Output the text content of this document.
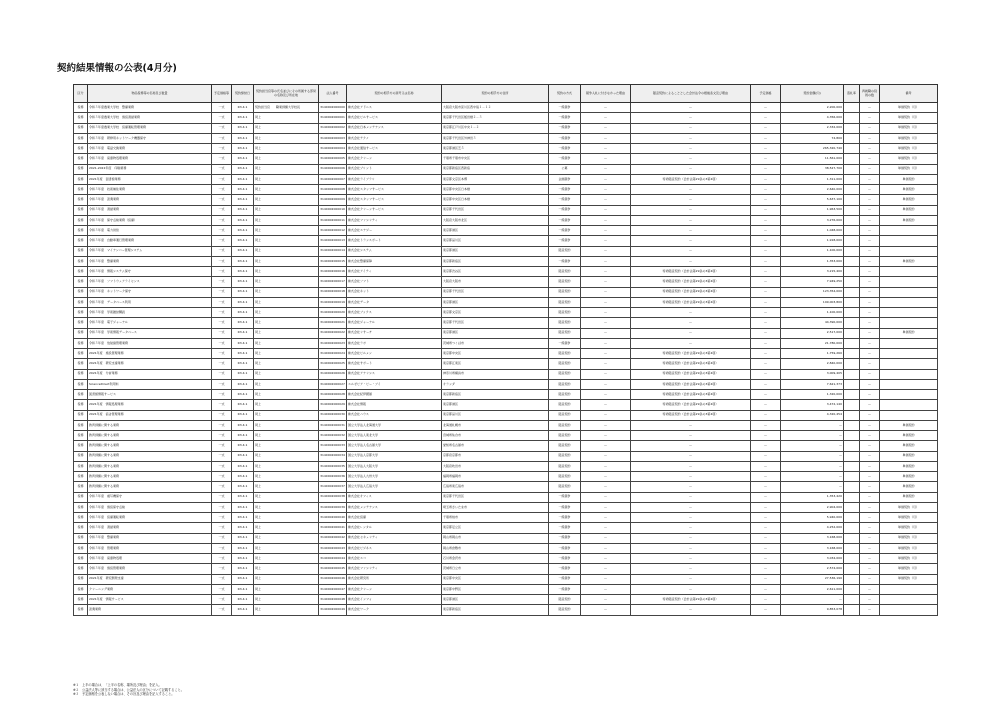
契約結果情報の公表(4月分)
区分	物品役務等の名称及び数量	予定価格等	契約締結日	契約担当官等の氏名並びにその所属する部局の名称及び所在地	法人番号	契約の相手方の商号又は名称	契約の相手方の住所	契約の方式	競争入札に付さなかった理由	随意契約によることとした会計法令の根拠条文及び理由	予定価格	契約金額(円)	落札率	再就職の役員の数	備考
役務	令和３年度農業大学校　警備業務	一式	R3.4.1	契約担当官　　職業訓練大学校長	3140002000000	株式会社アドニス	大阪府大阪市淀川区西中島１－１２	一般競争	—	—	—	2,200,000		—	単価契約（月）
役務	令和３年度農業大学校　施設清掃業務	一式	R3.4.1	同上	3140002000001	株式会社ビルサービス	東京都千代田区飯田橋２－３	一般競争	—	—	—	4,356,000		—	単価契約（月）
役務	令和３年度農業大学校　設備運転管理業務	一式	R3.4.1	同上	3140002000002	株式会社日本メンテナンス	東京都江戸川区中央１－２	一般競争	—	—	—	2,332,000		—	単価契約（月）
役務	令和３年度　研修用ネットワーク機器保守	一式	R3.4.1	同上	3140002000003	株式会社テクノ	東京都千代田区外神田３	一般競争	—	—	—	74,800		—	単価契約（月）
役務	令和３年度　電話交換業務	一式	R3.4.1	同上	3140002000004	株式会社通信サービス	東京都港区芝５	一般競争	—	—	—	265,320,740		—	単価契約（月）
役務	令和３年度　廃棄物処理業務	一式	R3.4.1	同上	3140002000005	株式会社クリーン	千葉県千葉市中央区	一般競争	—	—	—	11,561,000		—	単価契約（月）
役務	2021-2022年度　印刷業務	一式	R3.4.1	同上	3140002000006	株式会社プリント	東京都新宿区西新宿	公募	—	—	—	38,527,700		—	単価契約（月）
役務	2021年度　図書館業務	一式	R3.4.1	同上	3140002000007	株式会社ライブラリ	東京都文京区本郷	企画競争	—	特命随意契約（会計法第29条の3第4項）	—	1,311,000		—	単価契約
役務	令和３年度　技術補佐業務	一式	R3.4.1	同上	3140002000008	株式会社スタッフサービス	東京都中央区日本橋	一般競争	—	—	—	2,640,000		—	単価契約
役務	令和３年度　派遣業務	一式	R3.4.1	同上	3140002000009	株式会社スタッフサービス	東京都中央区日本橋	一般競争	—	—	—	5,637,100		—	単価契約
役務	令和３年度　清掃業務	一式	R3.4.1	同上	3140002000010	株式会社クリーンサービス	東京都千代田区	一般競争	—	—	—	1,963,500		—	単価契約
役務	令和３年度　保守点検業務（設備）	一式	R3.4.1	同上	3140002000011	株式会社ファシリティ	大阪府大阪市北区	一般競争	—	—	—	3,276,000		—	単価契約
役務	令和３年度　電力供給	一式	R3.4.1	同上	3140002000012	株式会社エナジー	東京都港区	一般競争	—	—	—	1,048,000		—	
役務	令和３年度　自動車運行管理業務	一式	R3.4.1	同上	3140002000013	株式会社トランスポート	東京都品川区	一般競争	—	—	—	1,918,000		—	
役務	令和３年度　マイナンバー管理システム	一式	R3.4.1	同上	3140002000014	株式会社システム	東京都港区	随意契約	—	—	—	1,100,000		—	
役務	令和３年度　警備業務	一式	R3.4.1	同上	3140002000015	株式会社警備保障	東京都新宿区	一般競争	—	—	—	1,353,000		—	単価契約
役務	令和３年度　情報システム保守	一式	R3.4.1	同上	3140002000016	株式会社アイティ	東京都渋谷区	随意契約	—	特命随意契約（会計法第29条の3第4項）	—	3,215,400		—	
役務	令和３年度　ソフトウェアライセンス	一式	R3.4.1	同上	3140002000017	株式会社ソフト	大阪府大阪市	随意契約	—	特命随意契約（会計法第29条の3第4項）	—	7,949,250		—	
役務	令和３年度　ネットワーク保守	一式	R3.4.1	同上	3140002000018	株式会社ネット	東京都千代田区	随意契約	—	特命随意契約（会計法第29条の3第4項）	—	123,354,000		—	
役務	令和３年度　データベース利用	一式	R3.4.1	同上	3140002000019	株式会社データ	東京都港区	随意契約	—	特命随意契約（会計法第29条の3第4項）	—	199,003,800		—	
役務	令和３年度　学術雑誌購読	一式	R3.4.1	同上	3140002000020	株式会社ブックス	東京都文京区	随意契約	—	—	—	1,100,000		—	
役務	令和３年度　電子ジャーナル	一式	R3.4.1	同上	3140002000021	株式会社ジャーナル	東京都千代田区	随意契約	—	—	—	44,390,000		—	
役務	令和３年度　学術情報データベース	一式	R3.4.1	同上	3140002000022	株式会社リサーチ	東京都港区	随意契約	—	—	—	2,517,000		—	単価契約
役務	令和３年度　放射線管理業務	一式	R3.4.1	同上	3140002000023	株式会社ラボ	茨城県つくば市	一般競争	—	—	—	21,780,000		—	
役務	2021年度　施設管理業務	一式	R3.4.1	同上	3140002000024	株式会社ビルメン	東京都中央区	随意契約	—	特命随意契約（会計法第29条の3第4項）	—	1,759,260		—	
役務	2021年度　研究支援業務	一式	R3.4.1	同上	3140002000025	株式会社サポート	東京都江東区	随意契約	—	特命随意契約（会計法第29条の3第4項）	—	2,840,000		—	
役務	2021年度　分析業務	一式	R3.4.1	同上	3140002000026	株式会社アナリシス	神奈川県横浜市	随意契約	—	特命随意契約（会計法第29条の3第4項）	—	3,009,405		—	
役務	ScienceDirect利用料	一式	R3.4.1	同上	3140002000027	エルゼビア・ビー・ブイ	オランダ	随意契約	—	特命随意契約（会計法第29条の3第4項）	—	7,621,373		—	
役務	図書館情報サービス	一式	R3.4.1	同上	3140002000028	株式会社紀伊國屋	東京都新宿区	随意契約	—	特命随意契約（会計法第29条の3第4項）	—	1,320,000		—	
役務	2021年度　情報処理業務	一式	R3.4.1	同上	3140002000029	株式会社情報	東京都港区	随意契約	—	特命随意契約（会計法第29条の3第4項）	—	3,472,140		—	
役務	2021年度　宿舎管理業務	一式	R3.4.1	同上	3140002000030	株式会社ハウス	東京都品川区	随意契約	—	特命随意契約（会計法第29条の3第4項）	—	4,320,454		—	
役務	教育訓練に関する業務	一式	R3.4.1	同上	3140002000031	国立大学法人北海道大学	北海道札幌市	随意契約	—	—	—	—		—	単価契約
役務	教育訓練に関する業務	一式	R3.4.1	同上	3140002000032	国立大学法人東北大学	宮城県仙台市	随意契約	—	—	—	—		—	単価契約
役務	教育訓練に関する業務	一式	R3.4.1	同上	3140002000033	国立大学法人名古屋大学	愛知県名古屋市	随意契約	—	—	—	—		—	単価契約
役務	教育訓練に関する業務	一式	R3.4.1	同上	3140002000034	国立大学法人京都大学	京都府京都市	随意契約	—	—	—	—		—	単価契約
役務	教育訓練に関する業務	一式	R3.4.1	同上	3140002000035	国立大学法人大阪大学	大阪府吹田市	随意契約	—	—	—	—		—	単価契約
役務	教育訓練に関する業務	一式	R3.4.1	同上	3140002000036	国立大学法人九州大学	福岡県福岡市	随意契約	—	—	—	—		—	単価契約
役務	教育訓練に関する業務	一式	R3.4.1	同上	3140002000037	国立大学法人広島大学	広島県東広島市	随意契約	—	—	—	—		—	単価契約
役務	令和３年度　複写機保守	一式	R3.4.1	同上	3140002000038	株式会社オフィス	東京都千代田区	一般競争	—	—	—	1,353,420		—	単価契約
役務	令和３年度　施設保守点検	一式	R3.4.1	同上	3140002000039	株式会社メンテナンス	埼玉県さいたま市	一般競争	—	—	—	2,904,000		—	単価契約（月）
役務	令和３年度　設備運転業務	一式	R3.4.1	同上	3140002000040	株式会社設備	千葉県柏市	一般競争	—	—	—	5,940,000		—	単価契約（月）
役務	令和３年度　清掃業務	一式	R3.4.1	同上	3140002000041	株式会社レンタル	東京都足立区	一般競争	—	—	—	4,252,000		—	単価契約（月）
役務	令和３年度　警備業務	一式	R3.4.1	同上	3140002000042	株式会社セキュリティ	岡山県岡山市	一般競争	—	—	—	3,168,000		—	単価契約（月）
役務	令和３年度　管理業務	一式	R3.4.1	同上	3140002000043	株式会社ビジネス	岡山県倉敷市	一般競争	—	—	—	3,168,000		—	単価契約（月）
役務	令和３年度　廃棄物処理	一式	R3.4.1	同上	3140002000044	株式会社エコ	石川県金沢市	一般競争	—	—	—	3,034,000		—	単価契約（月）
役務	令和３年度　施設管理業務	一式	R3.4.1	同上	3140002000045	株式会社ファシリティ	茨城県日立市	一般競争	—	—	—	2,574,000		—	単価契約（月）
役務	2021年度　研究開発支援	一式	R3.4.1	同上	3140002000046	株式会社研究所	東京都中央区	一般競争	—	—	—	27,536,190		—	単価契約（月）
役務	クリーニング業務	一式	R3.4.1	同上	3140002000047	株式会社クリーン	東京都中野区	一般競争	—	—	—	2,611,000		—	
役務	2021年度　情報サービス	一式	R3.4.1	同上	3140002000048	株式会社インフォ	東京都港区	随意契約	—	特命随意契約（会計法第29条の3第4項）	—	—		—	
役務	派遣業務	一式	R3.4.1	同上	3140002000049	株式会社ワーク	東京都新宿区	随意契約	—	—	—	9,853,078		—	
※１　上半の場合は、「上半の名称、場所及び理由」を記入。
※２　公益法人等に該当する場合は、公益法人の区分について記載すること。
※３　予定価格を公表しない場合は、その旨及び理由を記入すること。
